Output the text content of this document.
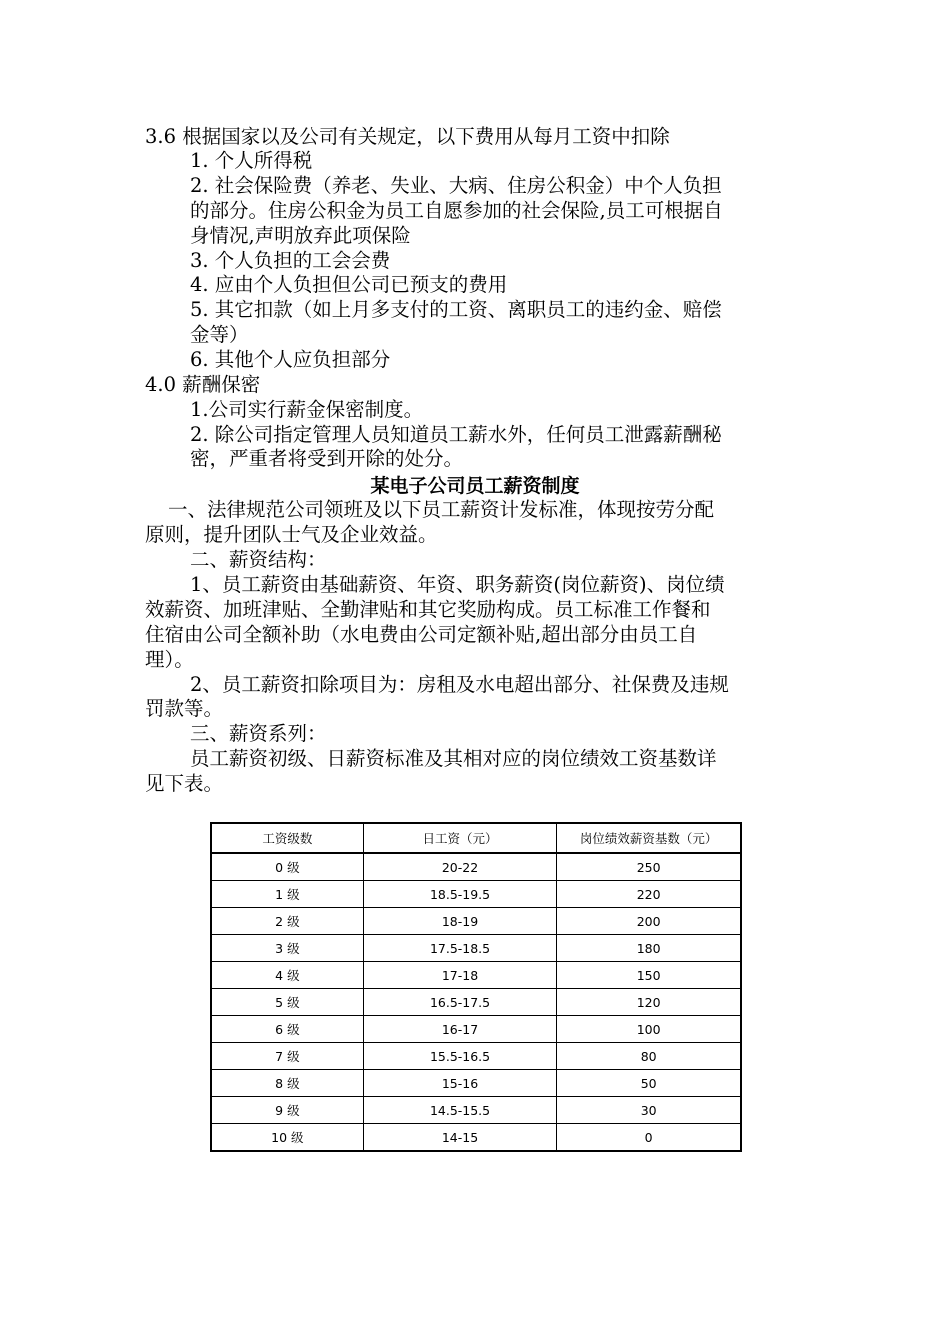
3.6 根据国家以及公司有关规定，以下费用从每月工资中扣除
1. 个人所得税
2. 社会保险费（养老、失业、大病、住房公积金）中个人负担
的部分。住房公积金为员工自愿参加的社会保险,员工可根据自
身情况,声明放弃此项保险
3. 个人负担的工会会费
4. 应由个人负担但公司已预支的费用
5. 其它扣款（如上月多支付的工资、离职员工的违约金、赔偿
金等）
6. 其他个人应负担部分
4.0 薪酬保密
1.公司实行薪金保密制度。
2. 除公司指定管理人员知道员工薪水外，任何员工泄露薪酬秘
密，严重者将受到开除的处分。
某电子公司员工薪资制度
一、法律规范公司领班及以下员工薪资计发标准，体现按劳分配
原则，提升团队士气及企业效益。
二、薪资结构：
1、员工薪资由基础薪资、年资、职务薪资(岗位薪资)、岗位绩
效薪资、加班津贴、全勤津贴和其它奖励构成。员工标准工作餐和
住宿由公司全额补助（水电费由公司定额补贴,超出部分由员工自
理）。
2、员工薪资扣除项目为：房租及水电超出部分、社保费及违规
罚款等。
三、薪资系列：
员工薪资初级、日薪资标准及其相对应的岗位绩效工资基数详
见下表。
工资级数	日工资（元）	岗位绩效薪资基数（元）
0 级	20-22	250
1 级	18.5-19.5	220
2 级	18-19	200
3 级	17.5-18.5	180
4 级	17-18	150
5 级	16.5-17.5	120
6 级	16-17	100
7 级	15.5-16.5	80
8 级	15-16	50
9 级	14.5-15.5	30
10 级	14-15	0
